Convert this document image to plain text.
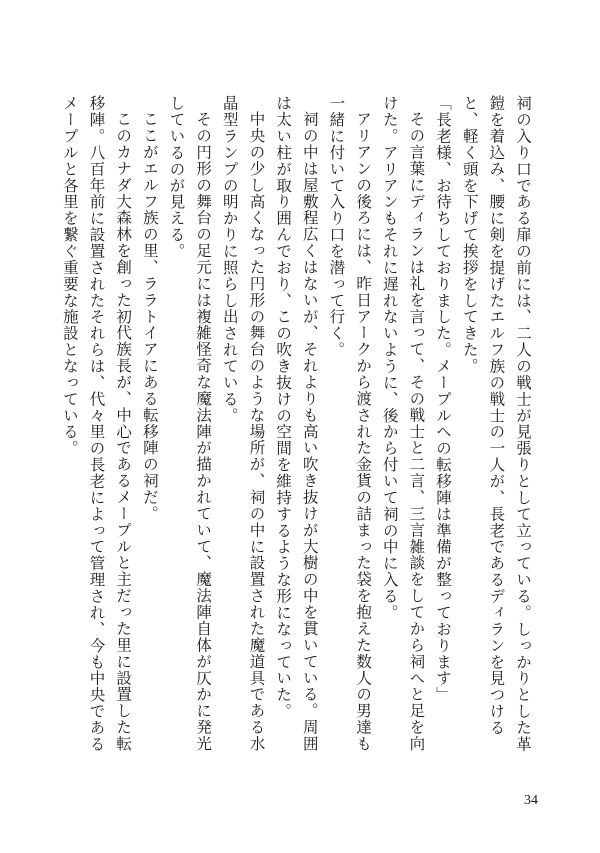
祠の入り口である扉の前には、二人の戦士が見張りとして立っている。しっかりとした革鎧を着込み、腰に剣を提げたエルフ族の戦士の一人が、長老であるディランを見つけると、軽く頭を下げて挨拶をしてきた。

「長老様、お待ちしておりました。メープルへの転移陣は準備が整っております」

その言葉にディランは礼を言って、その戦士と二言、三言雑談をしてから祠へと足を向けた。アリアンもそれに遅れないように、後から付いて祠の中に入る。

アリアンの後ろには、昨日アークから渡された金貨の詰まった袋を抱えた数人の男達も一緒に付いて入り口を潜って行く。

祠の中は屋敷程広くはないが、それよりも高い吹き抜けが大樹の中を貫いている。周囲は太い柱が取り囲んでおり、この吹き抜けの空間を維持するような形になっていた。

中央の少し高くなった円形の舞台のような場所が、祠の中に設置された魔道具である水晶型ランプの明かりに照らし出されている。

その円形の舞台の足元には複雑怪奇な魔法陣が描かれていて、魔法陣自体が仄かに発光しているのが見える。

ここがエルフ族の里、ララトイアにある転移陣の祠だ。

このカナダ大森林を創った初代族長が、中心であるメープルと主だった里に設置した転移陣。八百年前に設置されたそれらは、代々里の長老によって管理され、今も中央であるメープルと各里を繋ぐ重要な施設となっている。

34
